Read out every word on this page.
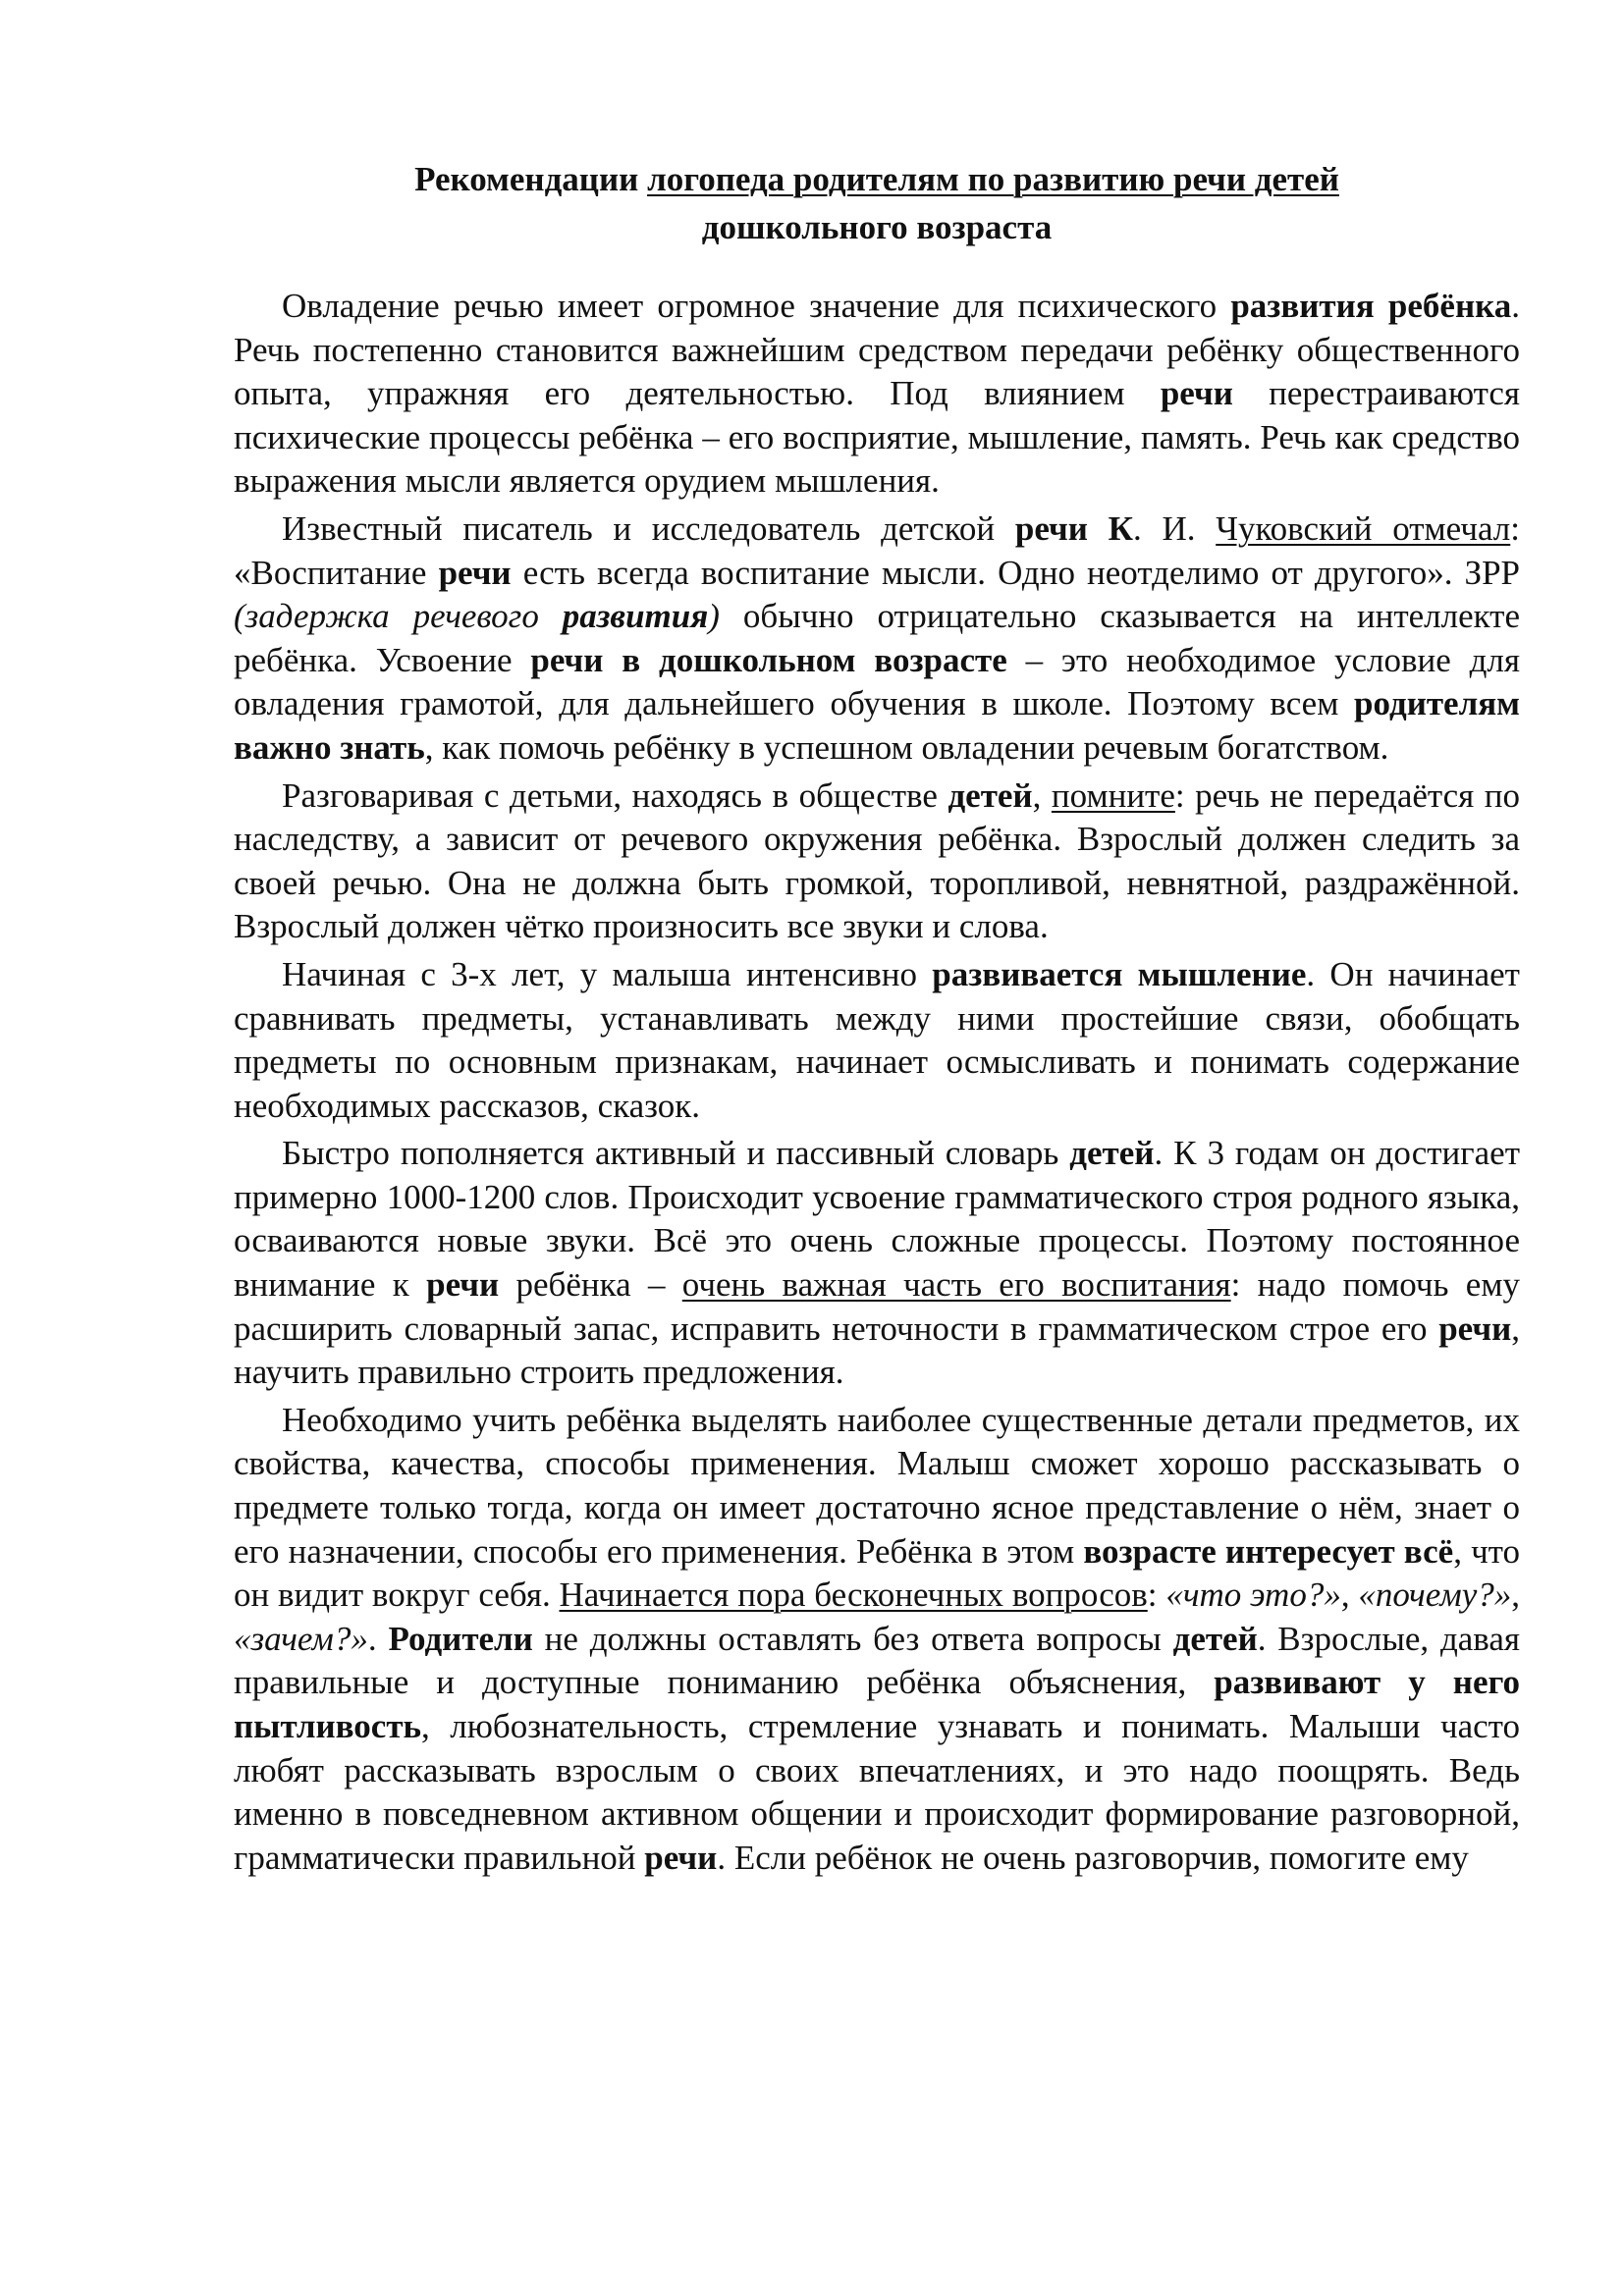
Рекомендации логопеда родителям по развитию речи детей
дошкольного возраста

Овладение речью имеет огромное значение для психического развития ребёнка. Речь постепенно становится важнейшим средством передачи ребёнку общественного опыта, упражняя его деятельностью. Под влиянием речи перестраиваются психические процессы ребёнка – его восприятие, мышление, память. Речь как средство выражения мысли является орудием мышления.

Известный писатель и исследователь детской речи К. И. Чуковский отмечал: «Воспитание речи есть всегда воспитание мысли. Одно неотделимо от другого». ЗРР (задержка речевого развития) обычно отрицательно сказывается на интеллекте ребёнка. Усвоение речи в дошкольном возрасте – это необходимое условие для овладения грамотой, для дальнейшего обучения в школе. Поэтому всем родителям важно знать, как помочь ребёнку в успешном овладении речевым богатством.

Разговаривая с детьми, находясь в обществе детей, помните: речь не передаётся по наследству, а зависит от речевого окружения ребёнка. Взрослый должен следить за своей речью. Она не должна быть громкой, торопливой, невнятной, раздражённой. Взрослый должен чётко произносить все звуки и слова.

Начиная с 3-х лет, у малыша интенсивно развивается мышление. Он начинает сравнивать предметы, устанавливать между ними простейшие связи, обобщать предметы по основным признакам, начинает осмысливать и понимать содержание необходимых рассказов, сказок.

Быстро пополняется активный и пассивный словарь детей. К 3 годам он достигает примерно 1000-1200 слов. Происходит усвоение грамматического строя родного языка, осваиваются новые звуки. Всё это очень сложные процессы. Поэтому постоянное внимание к речи ребёнка – очень важная часть его воспитания: надо помочь ему расширить словарный запас, исправить неточности в грамматическом строе его речи, научить правильно строить предложения.

Необходимо учить ребёнка выделять наиболее существенные детали предметов, их свойства, качества, способы применения. Малыш сможет хорошо рассказывать о предмете только тогда, когда он имеет достаточно ясное представление о нём, знает о его назначении, способы его применения. Ребёнка в этом возрасте интересует всё, что он видит вокруг себя. Начинается пора бесконечных вопросов: «что это?», «почему?», «зачем?». Родители не должны оставлять без ответа вопросы детей. Взрослые, давая правильные и доступные пониманию ребёнка объяснения, развивают у него пытливость, любознательность, стремление узнавать и понимать. Малыши часто любят рассказывать взрослым о своих впечатлениях, и это надо поощрять. Ведь именно в повседневном активном общении и происходит формирование разговорной, грамматически правильной речи. Если ребёнок не очень разговорчив, помогите ему
